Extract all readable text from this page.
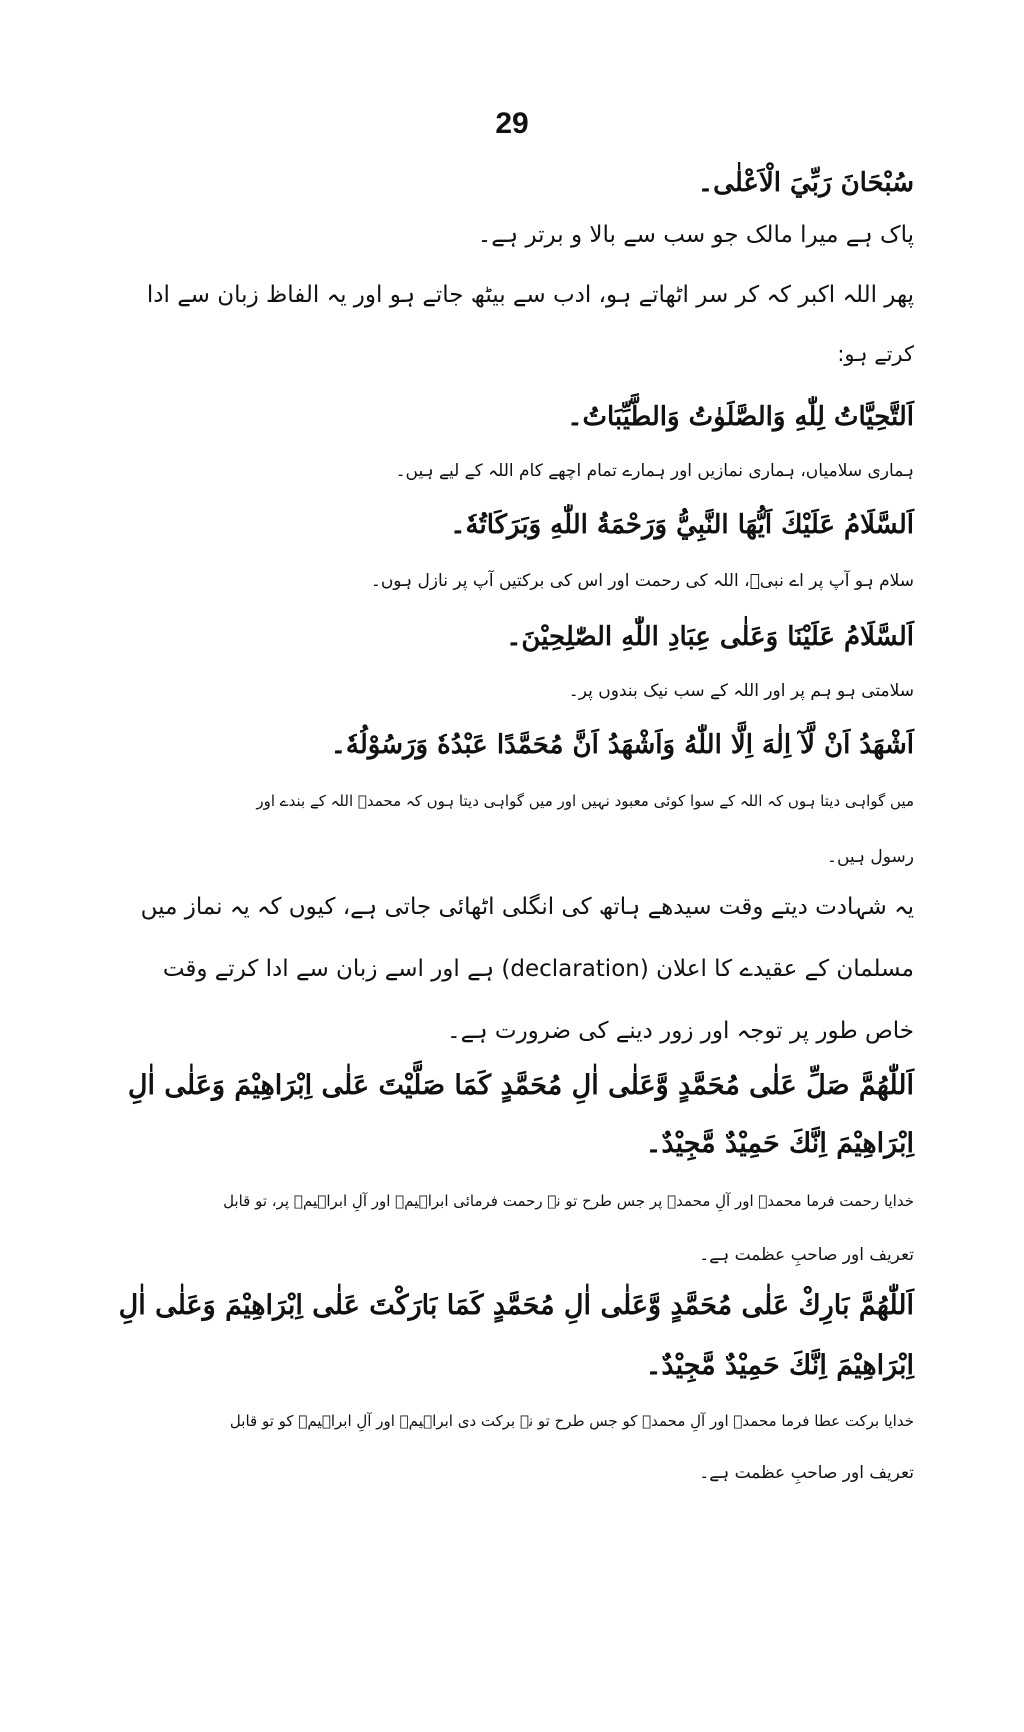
29
سُبْحَانَ رَبِّيَ الْاَعْلٰى۔
پاک ہے میرا مالک جو سب سے بالا و برتر ہے۔
پھر اللہ اکبر کہ کر سر اٹھاتے ہو، ادب سے بیٹھ جاتے ہو اور یہ الفاظ زبان سے ادا
کرتے ہو:
اَلتَّحِيَّاتُ لِلّٰهِ وَالصَّلَوٰتُ وَالطَّيِّبَاتُ۔
ہماری سلامیاں، ہماری نمازیں اور ہمارے تمام اچھے کام اللہ کے لیے ہیں۔
اَلسَّلَامُ عَلَيْكَ اَيُّهَا النَّبِيُّ وَرَحْمَةُ اللّٰهِ وَبَرَكَاتُهٗ۔
سلام ہو آپ پر اے نبیؐ، اللہ کی رحمت اور اس کی برکتیں آپ پر نازل ہوں۔
اَلسَّلَامُ عَلَيْنَا وَعَلٰى عِبَادِ اللّٰهِ الصّٰلِحِيْنَ۔
سلامتی ہو ہم پر اور اللہ کے سب نیک بندوں پر۔
اَشْهَدُ اَنْ لَّآ اِلٰهَ اِلَّا اللّٰهُ وَاَشْهَدُ اَنَّ مُحَمَّدًا عَبْدُهٗ وَرَسُوْلُهٗ۔
میں گواہی دیتا ہوں کہ اللہ کے سوا کوئی معبود نہیں اور میں گواہی دیتا ہوں کہ محمدؐ اللہ کے بندے اور
رسول ہیں۔
یہ شہادت دیتے وقت سیدھے ہاتھ کی انگلی اٹھائی جاتی ہے، کیوں کہ یہ نماز میں
مسلمان کے عقیدے کا اعلان (declaration) ہے اور اسے زبان سے ادا کرتے وقت
خاص طور پر توجہ اور زور دینے کی ضرورت ہے۔
اَللّٰهُمَّ صَلِّ عَلٰى مُحَمَّدٍ وَّعَلٰى اٰلِ مُحَمَّدٍ كَمَا صَلَّيْتَ عَلٰى اِبْرَاهِيْمَ وَعَلٰى اٰلِ
اِبْرَاهِيْمَ اِنَّكَ حَمِيْدٌ مَّجِيْدٌ۔
خدایا رحمت فرما محمدؐ اور آلِ محمدؐ پر جس طرح تو نے رحمت فرمائی ابراہیمؑ اور آلِ ابراہیمؑ پر، تو قابل
تعریف اور صاحبِ عظمت ہے۔
اَللّٰهُمَّ بَارِكْ عَلٰى مُحَمَّدٍ وَّعَلٰى اٰلِ مُحَمَّدٍ كَمَا بَارَكْتَ عَلٰى اِبْرَاهِيْمَ وَعَلٰى اٰلِ
اِبْرَاهِيْمَ اِنَّكَ حَمِيْدٌ مَّجِيْدٌ۔
خدایا برکت عطا فرما محمدؐ اور آلِ محمدؐ کو جس طرح تو نے برکت دی ابراہیمؑ اور آلِ ابراہیمؑ کو تو قابل
تعریف اور صاحبِ عظمت ہے۔
